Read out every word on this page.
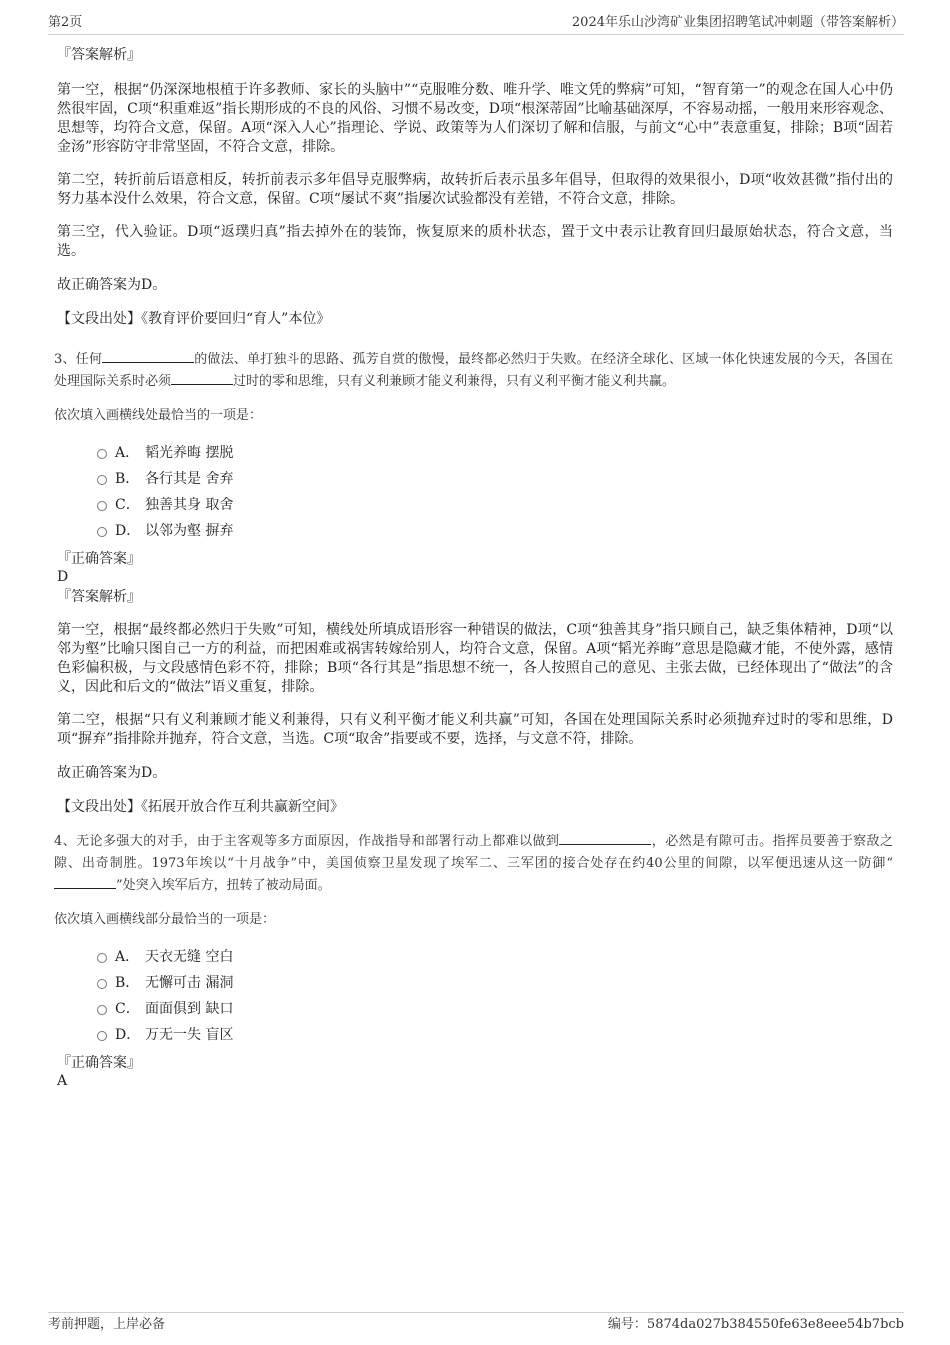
第2页	2024年乐山沙湾矿业集团招聘笔试冲刺题（带答案解析）

『答案解析』

第一空，根据“仍深深地根植于许多教师、家长的头脑中”“克服唯分数、唯升学、唯文凭的弊病”可知，“智育第一”的观念在国人心中仍然很牢固，C项“积重难返”指长期形成的不良的风俗、习惯不易改变，D项“根深蒂固”比喻基础深厚，不容易动摇，一般用来形容观念、思想等，均符合文意，保留。A项“深入人心”指理论、学说、政策等为人们深切了解和信服，与前文“心中”表意重复，排除；B项“固若金汤”形容防守非常坚固，不符合文意，排除。

第二空，转折前后语意相反，转折前表示多年倡导克服弊病，故转折后表示虽多年倡导，但取得的效果很小，D项“收效甚微”指付出的努力基本没什么效果，符合文意，保留。C项“屡试不爽”指屡次试验都没有差错，不符合文意，排除。

第三空，代入验证。D项“返璞归真”指去掉外在的装饰，恢复原来的质朴状态，置于文中表示让教育回归最原始状态，符合文意，当选。

故正确答案为D。

【文段出处】《教育评价要回归“育人”本位》

3、任何	的做法、单打独斗的思路、孤芳自赏的傲慢，最终都必然归于失败。在经济全球化、区域一体化快速发展的今天，各国在处理国际关系时必须	过时的零和思维，只有义利兼顾才能义利兼得，只有义利平衡才能义利共赢。

依次填入画横线处最恰当的一项是：

A． 韬光养晦 摆脱
B． 各行其是 舍弃
C． 独善其身 取舍
D． 以邻为壑 摒弃

『正确答案』

D

『答案解析』

第一空，根据“最终都必然归于失败”可知，横线处所填成语形容一种错误的做法，C项“独善其身”指只顾自己，缺乏集体精神，D项“以邻为壑”比喻只图自己一方的利益，而把困难或祸害转嫁给别人，均符合文意，保留。A项“韬光养晦”意思是隐藏才能，不使外露，感情色彩偏积极，与文段感情色彩不符，排除；B项“各行其是”指思想不统一，各人按照自己的意见、主张去做，已经体现出了“做法”的含义，因此和后文的“做法”语义重复，排除。

第二空，根据“只有义利兼顾才能义利兼得，只有义利平衡才能义利共赢”可知，各国在处理国际关系时必须抛弃过时的零和思维，D项“摒弃”指排除并抛弃，符合文意，当选。C项“取舍”指要或不要，选择，与文意不符，排除。

故正确答案为D。

【文段出处】《拓展开放合作互利共赢新空间》

4、无论多强大的对手，由于主客观等多方面原因，作战指导和部署行动上都难以做到	，必然是有隙可击。指挥员要善于察敌之隙、出奇制胜。1973年埃以“十月战争”中，美国侦察卫星发现了埃军二、三军团的接合处存在约40公里的间隙，以军便迅速从这一防御“”处突入埃军后方，扭转了被动局面。

依次填入画横线部分最恰当的一项是：

A． 天衣无缝 空白
B． 无懈可击 漏洞
C． 面面俱到 缺口
D． 万无一失 盲区

『正确答案』

A

考前押题，上岸必备	编号：5874da027b384550fe63e8eee54b7bcb
